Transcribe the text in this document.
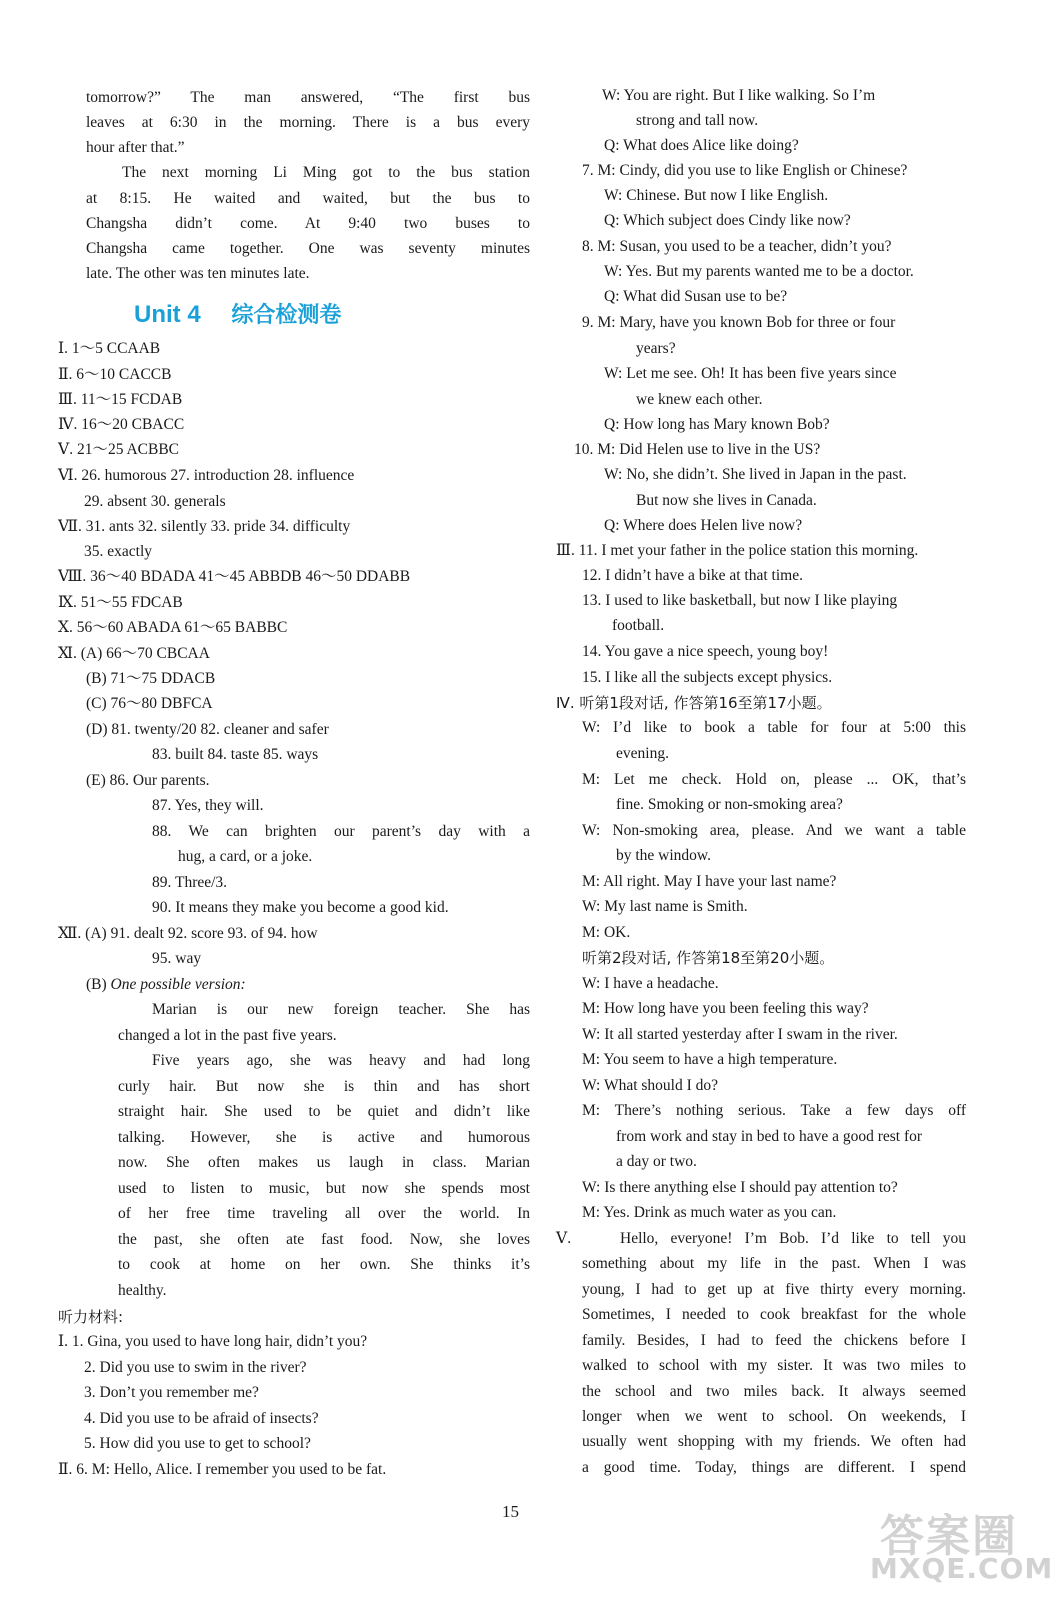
tomorrow?” The man answered, “The first bus
leaves at 6:30 in the morning. There is a bus every
hour after that.”
The next morning Li Ming got to the bus station
at 8:15. He waited and waited, but the bus to
Changsha didn’t come. At 9:40 two buses to
Changsha came together. One was seventy minutes
late. The other was ten minutes late.
Ⅰ. 1～5 CCAAB
Ⅱ. 6～10 CACCB
Ⅲ. 11～15 FCDAB
Ⅳ. 16～20 CBACC
Ⅴ. 21～25 ACBBC
Ⅵ. 26. humorous 27. introduction 28. influence
29. absent 30. generals
Ⅶ. 31. ants 32. silently 33. pride 34. difficulty
35. exactly
Ⅷ. 36～40 BDADA 41～45 ABBDB 46～50 DDABB
Ⅸ. 51～55 FDCAB
Ⅹ. 56～60 ABADA 61～65 BABBC
Ⅺ. (A) 66～70 CBCAA
(B) 71～75 DDACB
(C) 76～80 DBFCA
(D) 81. twenty/20 82. cleaner and safer
83. built 84. taste 85. ways
(E) 86. Our parents.
87. Yes, they will.
88. We can brighten our parent’s day with a
hug, a card, or a joke.
89. Three/3.
90. It means they make you become a good kid.
Ⅻ. (A) 91. dealt 92. score 93. of 94. how
95. way
(B) One possible version:
Marian is our new foreign teacher. She has
changed a lot in the past five years.
Five years ago, she was heavy and had long
curly hair. But now she is thin and has short
straight hair. She used to be quiet and didn’t like
talking. However, she is active and humorous
now. She often makes us laugh in class. Marian
used to listen to music, but now she spends most
of her free time traveling all over the world. In
the past, she often ate fast food. Now, she loves
to cook at home on her own. She thinks it’s
healthy.
听力材料:
Ⅰ. 1. Gina, you used to have long hair, didn’t you?
2. Did you use to swim in the river?
3. Don’t you remember me?
4. Did you use to be afraid of insects?
5. How did you use to get to school?
Ⅱ. 6. M: Hello, Alice. I remember you used to be fat.
Unit 4 综合检测卷
W: You are right. But I like walking. So I’m
strong and tall now.
Q: What does Alice like doing?
7. M: Cindy, did you use to like English or Chinese?
W: Chinese. But now I like English.
Q: Which subject does Cindy like now?
8. M: Susan, you used to be a teacher, didn’t you?
W: Yes. But my parents wanted me to be a doctor.
Q: What did Susan use to be?
9. M: Mary, have you known Bob for three or four
years?
W: Let me see. Oh! It has been five years since
we knew each other.
Q: How long has Mary known Bob?
10. M: Did Helen use to live in the US?
W: No, she didn’t. She lived in Japan in the past.
But now she lives in Canada.
Q: Where does Helen live now?
Ⅲ. 11. I met your father in the police station this morning.
12. I didn’t have a bike at that time.
13. I used to like basketball, but now I like playing
football.
14. You gave a nice speech, young boy!
15. I like all the subjects except physics.
Ⅳ. 听第1段对话, 作答第16至第17小题。
W: I’d like to book a table for four at 5:00 this
evening.
M: Let me check. Hold on, please ... OK, that’s
fine. Smoking or non-smoking area?
W: Non-smoking area, please. And we want a table
by the window.
M: All right. May I have your last name?
W: My last name is Smith.
M: OK.
听第2段对话, 作答第18至第20小题。
W: I have a headache.
M: How long have you been feeling this way?
W: It all started yesterday after I swam in the river.
M: You seem to have a high temperature.
W: What should I do?
M: There’s nothing serious. Take a few days off
from work and stay in bed to have a good rest for
a day or two.
W: Is there anything else I should pay attention to?
M: Yes. Drink as much water as you can.
Ⅴ.	Hello, everyone! I’m Bob. I’d like to tell you
something about my life in the past. When I was
young, I had to get up at five thirty every morning.
Sometimes, I needed to cook breakfast for the whole
family. Besides, I had to feed the chickens before I
walked to school with my sister. It was two miles to
the school and two miles back. It always seemed
longer when we went to school. On weekends, I
usually went shopping with my friends. We often had
a good time. Today, things are different. I spend
15	答案圈
MXQE.COM
